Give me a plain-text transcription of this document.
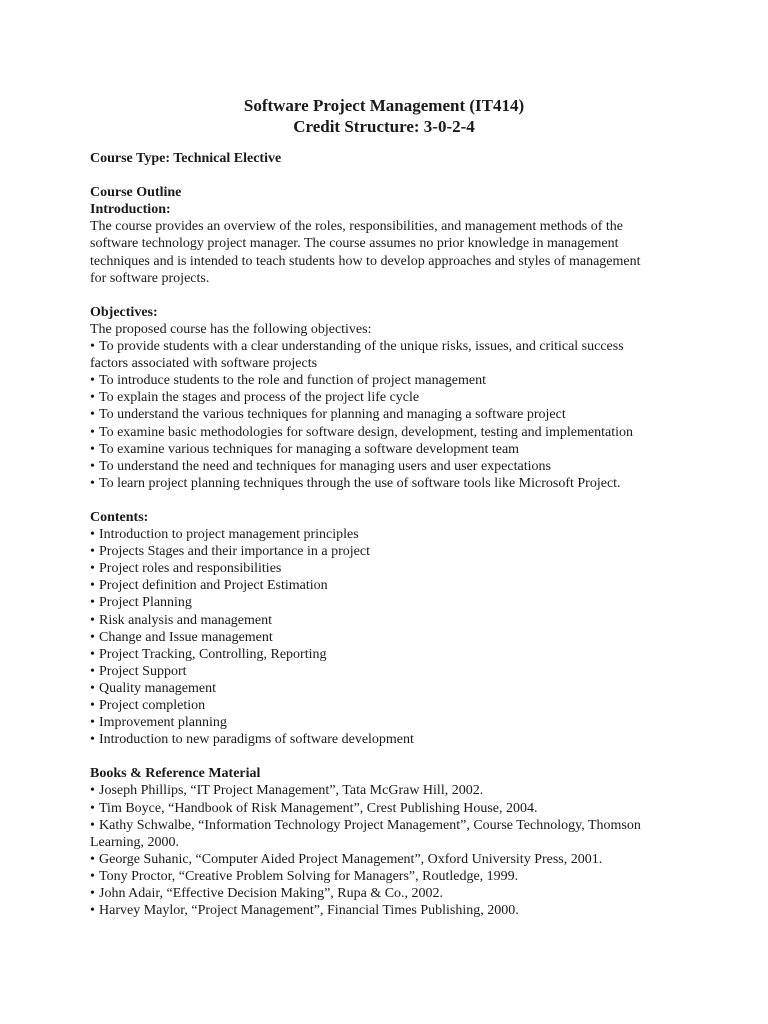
Software Project Management (IT414)
Credit Structure: 3-0-2-4
Course Type: Technical Elective
Course Outline
Introduction:
The course provides an overview of the roles, responsibilities, and management methods of the
software technology project manager. The course assumes no prior knowledge in management
techniques and is intended to teach students how to develop approaches and styles of management
for software projects.
Objectives:
The proposed course has the following objectives:
• To provide students with a clear understanding of the unique risks, issues, and critical success
factors associated with software projects
• To introduce students to the role and function of project management
• To explain the stages and process of the project life cycle
• To understand the various techniques for planning and managing a software project
• To examine basic methodologies for software design, development, testing and implementation
• To examine various techniques for managing a software development team
• To understand the need and techniques for managing users and user expectations
• To learn project planning techniques through the use of software tools like Microsoft Project.
Contents:
• Introduction to project management principles
• Projects Stages and their importance in a project
• Project roles and responsibilities
• Project definition and Project Estimation
• Project Planning
• Risk analysis and management
• Change and Issue management
• Project Tracking, Controlling, Reporting
• Project Support
• Quality management
• Project completion
• Improvement planning
• Introduction to new paradigms of software development
Books & Reference Material
• Joseph Phillips, “IT Project Management”, Tata McGraw Hill, 2002.
• Tim Boyce, “Handbook of Risk Management”, Crest Publishing House, 2004.
• Kathy Schwalbe, “Information Technology Project Management”, Course Technology, Thomson
Learning, 2000.
• George Suhanic, “Computer Aided Project Management”, Oxford University Press, 2001.
• Tony Proctor, “Creative Problem Solving for Managers”, Routledge, 1999.
• John Adair, “Effective Decision Making”, Rupa & Co., 2002.
• Harvey Maylor, “Project Management”, Financial Times Publishing, 2000.
